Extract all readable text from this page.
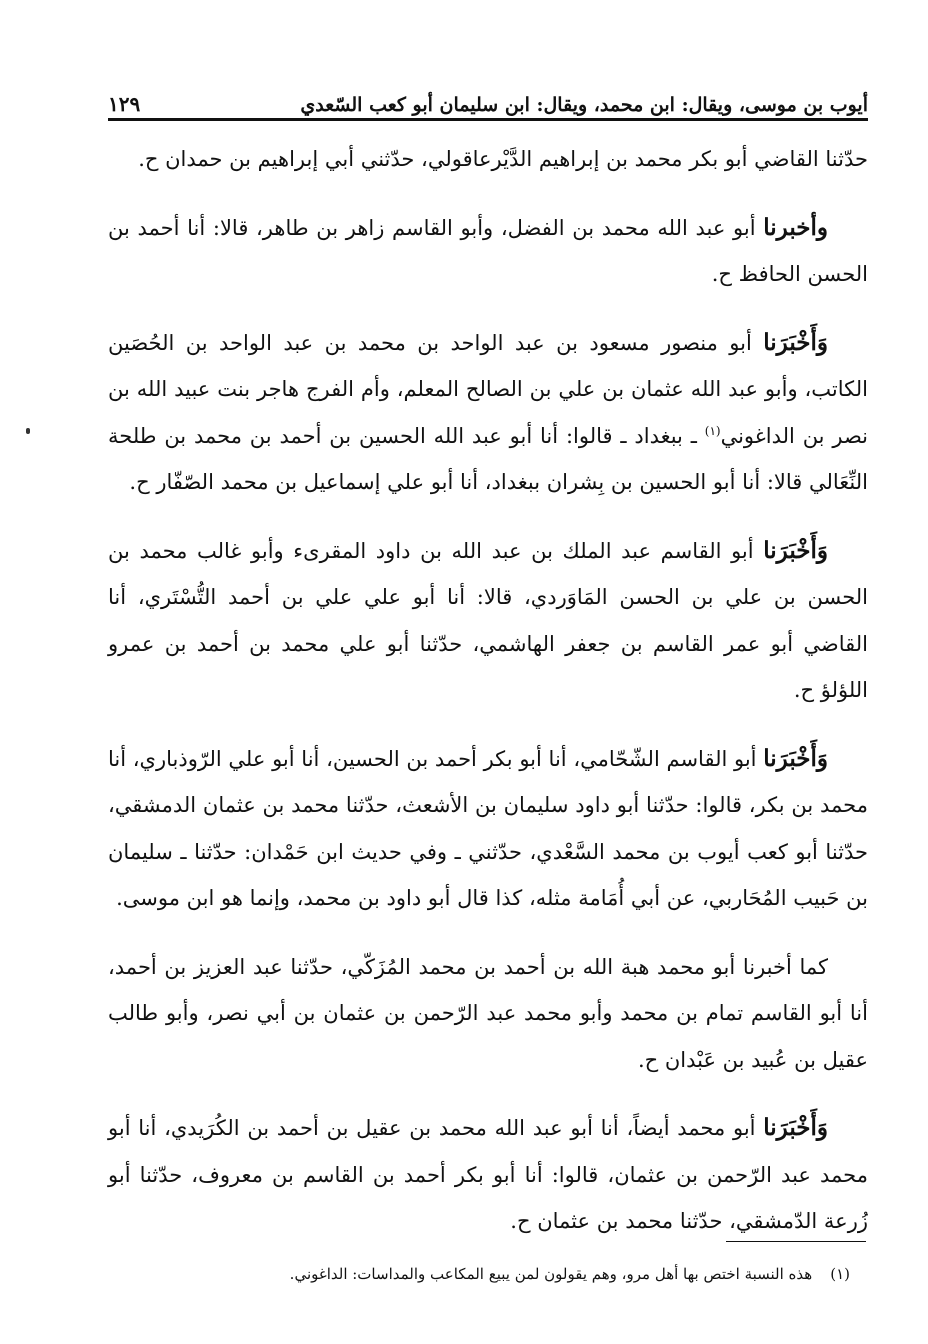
أيوب بن موسى، ويقال: ابن محمد، ويقال: ابن سليمان أبو كعب السّعدي
١٢٩

حدّثنا القاضي أبو بكر محمد بن إبراهيم الدَّيْرعاقولي، حدّثني أبي إبراهيم بن حمدان ح.

وأخبرنا أبو عبد الله محمد بن الفضل، وأبو القاسم زاهر بن طاهر، قالا: أنا أحمد بن الحسن الحافظ ح.

وَأَخْبَرَنا أبو منصور مسعود بن عبد الواحد بن محمد بن عبد الواحد بن الحُصَين الكاتب، وأبو عبد الله عثمان بن علي بن الصالح المعلم، وأم الفرج هاجر بنت عبيد الله بن نصر بن الداغوني$^{(١)}$ ـ ببغداد ـ قالوا: أنا أبو عبد الله الحسين بن أحمد بن محمد بن طلحة النِّعَالي قالا: أنا أبو الحسين بن بِشران ببغداد، أنا أبو علي إسماعيل بن محمد الصّفّار ح.

وَأَخْبَرَنا أبو القاسم عبد الملك بن عبد الله بن داود المقرىء وأبو غالب محمد بن الحسن بن علي بن الحسن المَاوَردي، قالا: أنا أبو علي علي بن أحمد التُّسْتَري، أنا القاضي أبو عمر القاسم بن جعفر الهاشمي، حدّثنا أبو علي محمد بن أحمد بن عمرو اللؤلؤ ح.

وَأَخْبَرَنا أبو القاسم الشّحّامي، أنا أبو بكر أحمد بن الحسين، أنا أبو علي الرّوذباري، أنا محمد بن بكر، قالوا: حدّثنا أبو داود سليمان بن الأشعث، حدّثنا محمد بن عثمان الدمشقي، حدّثنا أبو كعب أيوب بن محمد السَّعْدي، حدّثني ـ وفي حديث ابن حَمْدان: حدّثنا ـ سليمان بن حَبيب المُحَاربي، عن أبي أُمَامة مثله، كذا قال أبو داود بن محمد، وإنما هو ابن موسى.

كما أخبرنا أبو محمد هبة الله بن أحمد بن محمد المُزَكّي، حدّثنا عبد العزيز بن أحمد، أنا أبو القاسم تمام بن محمد وأبو محمد عبد الرّحمن بن عثمان بن أبي نصر، وأبو طالب عقيل بن عُبيد بن عَبْدان ح.

وَأَخْبَرَنا أبو محمد أيضاً، أنا أبو عبد الله محمد بن عقيل بن أحمد بن الكُرَيدي، أنا أبو محمد عبد الرّحمن بن عثمان، قالوا: أنا أبو بكر أحمد بن القاسم بن معروف، حدّثنا أبو زُرعة الدّمشقي، حدّثنا محمد بن عثمان ح.

(١)هذه النسبة اختص بها أهل مرو، وهم يقولون لمن يبيع المكاعب والمداسات: الداغوني.
